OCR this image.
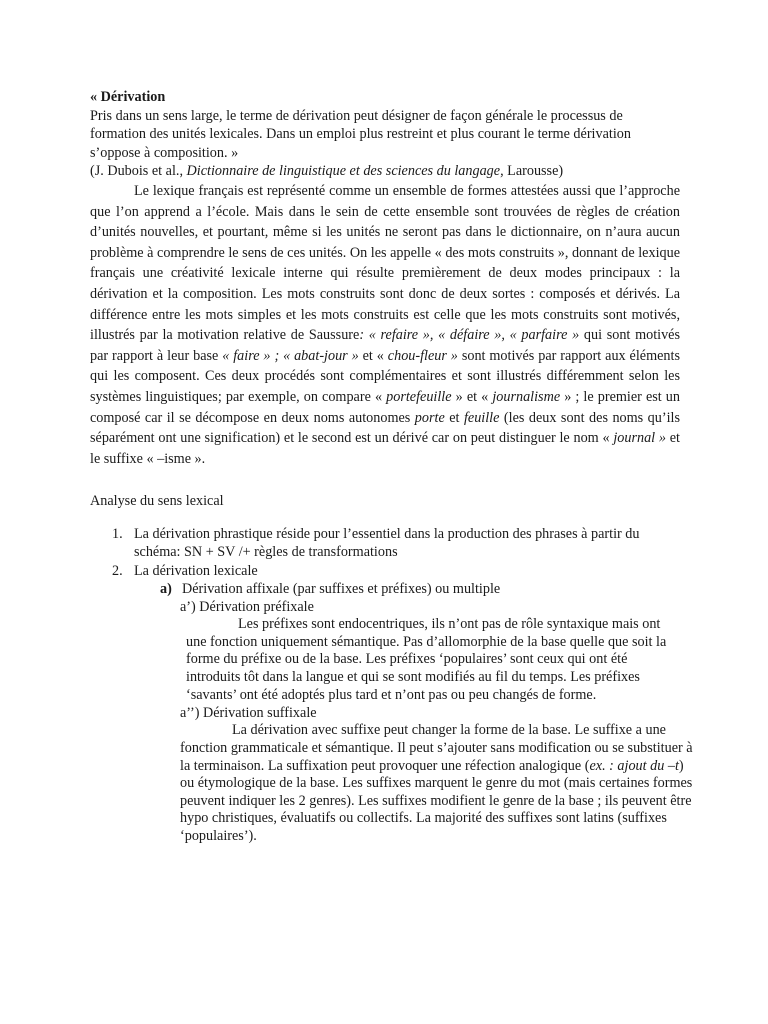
« Dérivation

Pris dans un sens large, le terme de dérivation peut désigner de façon générale le processus de

formation des unités lexicales. Dans un emploi plus restreint et plus courant le terme dérivation

s’oppose à composition. »

(J. Dubois et al., Dictionnaire de linguistique et des sciences du langage, Larousse)

Le lexique français est représenté comme un ensemble de formes attestées aussi que l’approche que l’on apprend a l’école. Mais dans le sein de cette ensemble sont trouvées de règles de création d’unités nouvelles, et pourtant, même si les unités ne seront pas dans le dictionnaire, on n’aura aucun problème à comprendre le sens de ces unités. On les appelle « des mots construits », donnant de lexique français une créativité lexicale interne qui résulte premièrement de deux modes principaux : la dérivation et la composition. Les mots construits sont donc de deux sortes : composés et dérivés. La différence entre les mots simples et les mots construits est celle que les mots construits sont motivés, illustrés par la motivation relative de Saussure: « refaire », « défaire », « parfaire » qui sont motivés par rapport à leur base « faire » ; « abat-jour » et « chou-fleur » sont motivés par rapport aux éléments qui les composent. Ces deux procédés sont complémentaires et sont illustrés différemment selon les systèmes linguistiques; par exemple, on compare « portefeuille » et « journalisme » ; le premier est un composé car il se décompose en deux noms autonomes porte et feuille (les deux sont des noms qu’ils séparément ont une signification) et le second est un dérivé car on peut distinguer le nom « journal » et le suffixe « –isme ».

Analyse du sens lexical

1. La dérivation phrastique réside pour l’essentiel dans la production des phrases à partir du schéma: SN + SV /+ règles de transformations
2. La dérivation lexicale
a) Dérivation affixale (par suffixes et préfixes) ou multiple
a’) Dérivation préfixale
Les préfixes sont endocentriques, ils n’ont pas de rôle syntaxique mais ont une fonction uniquement sémantique. Pas d’allomorphie de la base quelle que soit la forme du préfixe ou de la base. Les préfixes ‘populaires’ sont ceux qui ont été introduits tôt dans la langue et qui se sont modifiés au fil du temps. Les préfixes ‘savants’ ont été adoptés plus tard et n’ont pas ou peu changés de forme.
a’’) Dérivation suffixale
La dérivation avec suffixe peut changer la forme de la base. Le suffixe a une fonction grammaticale et sémantique. Il peut s’ajouter sans modification ou se substituer à la terminaison. La suffixation peut provoquer une réfection analogique (ex. : ajout du –t) ou étymologique de la base. Les suffixes marquent le genre du mot (mais certaines formes peuvent indiquer les 2 genres). Les suffixes modifient le genre de la base ; ils peuvent être hypo christiques, évaluatifs ou collectifs. La majorité des suffixes sont latins (suffixes ‘populaires’).
